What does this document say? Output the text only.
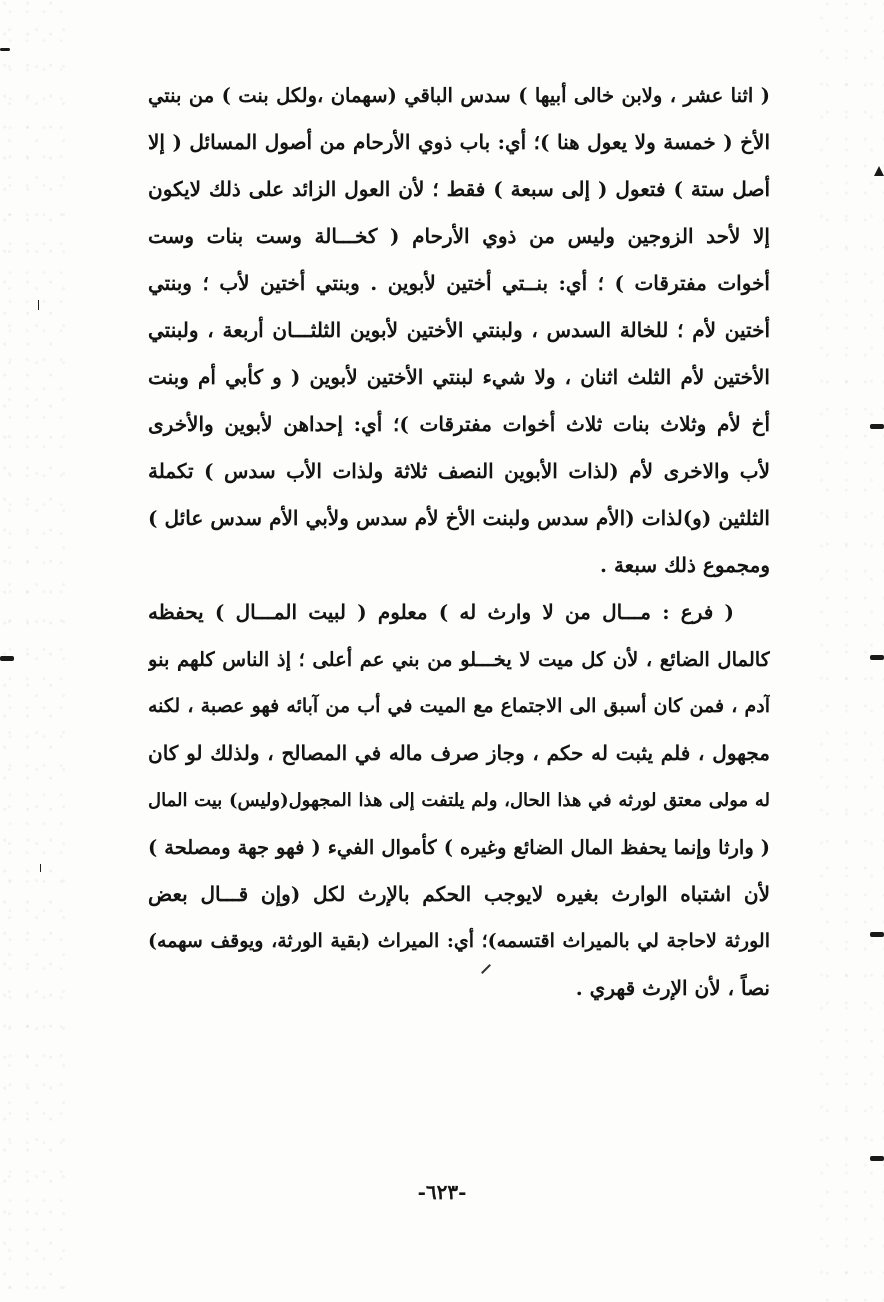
( اثنا عشر ، ولابن خالى أبيها ) سدس الباقي (سهمان ،ولكل بنت ) من بنتي
الأخ ( خمسة ولا يعول هنا )؛ أي: باب ذوي الأرحام من أصول المسائل ( إلا
أصل ستة ) فتعول ( إلى سبعة ) فقط ؛ لأن العول الزائد على ذلك لايكون
إلا لأحد الزوجين وليس من ذوي الأرحام ( كخـــالة وست بنات وست
أخوات مفترقات ) ؛ أي: بنــتي أختين لأبوين . وبنتي أختين لأب ؛ وبنتي
أختين لأم ؛ للخالة السدس ، ولبنتي الأختين لأبوين الثلثـــان أربعة ، ولبنتي
الأختين لأم الثلث اثنان ، ولا شيء لبنتي الأختين لأبوين ( و كأبي أم وبنت
أخ لأم وثلاث بنات ثلاث أخوات مفترقات )؛ أي: إحداهن لأبوين والأخرى
لأب والاخرى لأم (لذات الأبوين النصف ثلاثة ولذات الأب سدس ) تكملة
الثلثين (و)لذات (الأم سدس ولبنت الأخ لأم سدس ولأبي الأم سدس عائل )
ومجموع ذلك سبعة .
( فرع : مـــال من لا وارث له ) معلوم ( لبيت المـــال ) يحفظه
كالمال الضائع ، لأن كل ميت لا يخـــلو من بني عم أعلى ؛ إذ الناس كلهم بنو
آدم ، فمن كان أسبق الى الاجتماع مع الميت في أب من آبائه فهو عصبة ، لكنه
مجهول ، فلم يثبت له حكم ، وجاز صرف ماله في المصالح ، ولذلك لو كان
له مولى معتق لورثه في هذا الحال، ولم يلتفت إلى هذا المجهول(وليس) بيت المال
( وارثا وإنما يحفظ المال الضائع وغيره ) كأموال الفيء ( فهو جهة ومصلحة )
لأن اشتباه الوارث بغيره لايوجب الحكم بالإرث لكل (وإن قـــال بعض
الورثة لاحاجة لي بالميراث اقتسمه)؛ أي: الميراث (بقية الورثة، ويوقف سهمه)
نصاً ، لأن الإرث قهري .
-٦٢٣-
